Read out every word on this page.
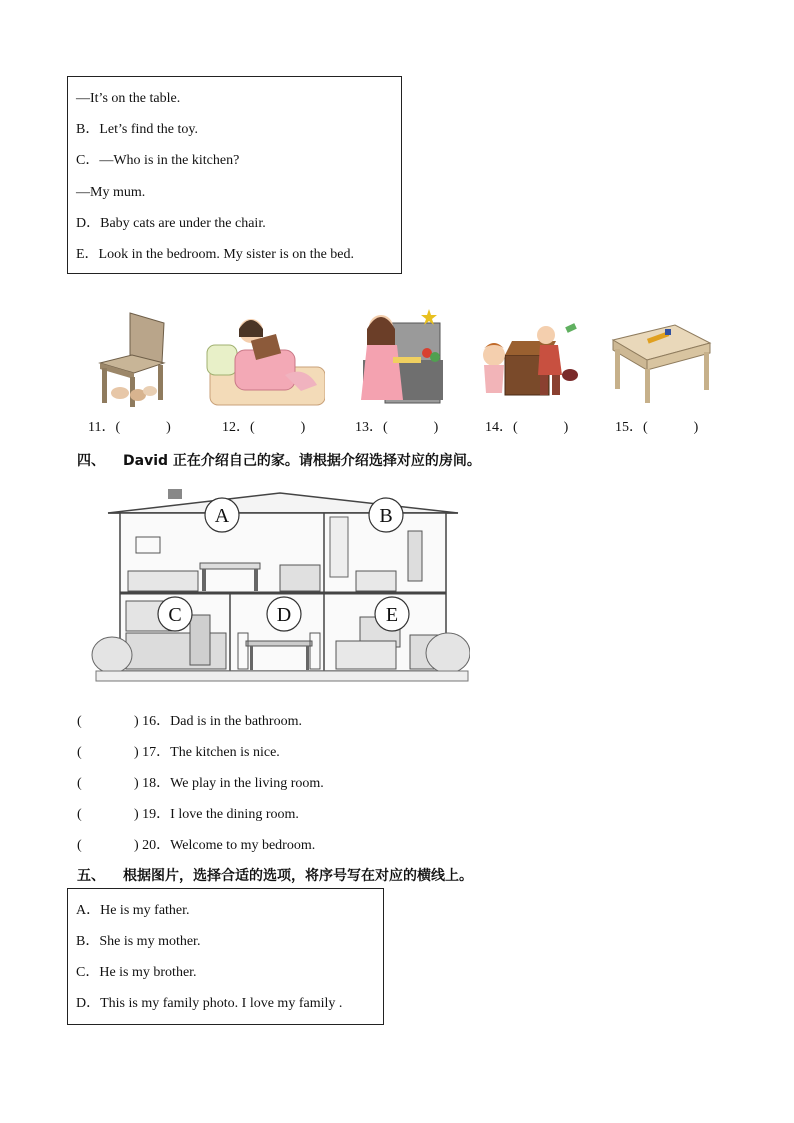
—It’s on the table.
B．Let’s find the toy.
C．—Who is in the kitchen?
—My mum.
D．Baby cats are under the chair.
E．Look in the bedroom. My sister is on the bed.
11．(	)	12．(	)	13．(	)	14．(	)	15．(	)
四、 David 正在介绍自己的家。请根据介绍选择对应的房间。
A	B
C	D	E
(	) 16．Dad is in the bathroom.
(	) 17．The kitchen is nice.
(	) 18．We play in the living room.
(	) 19．I love the dining room.
(	) 20．Welcome to my bedroom.
五、 根据图片，选择合适的选项，将序号写在对应的横线上。
A．He is my father.
B．She is my mother.
C．He is my brother.
D．This is my family photo. I love my family .
